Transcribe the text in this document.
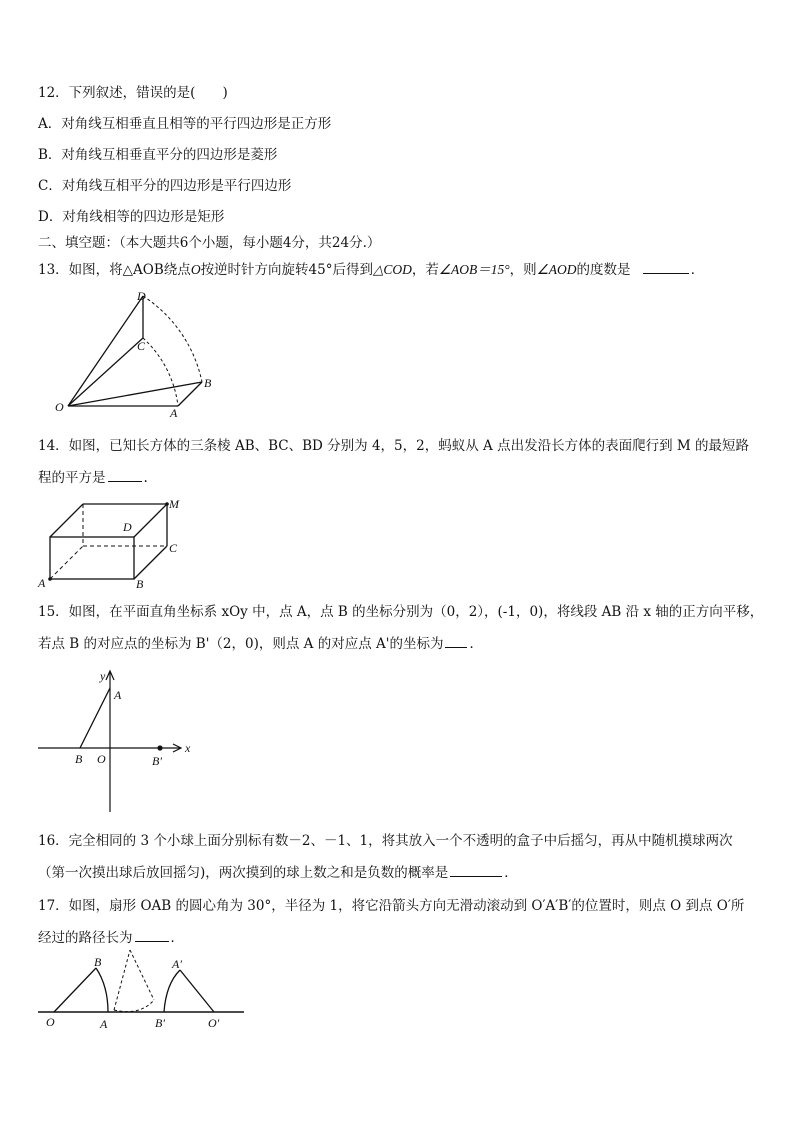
12．下列叙述，错误的是(　　)
A．对角线互相垂直且相等的平行四边形是正方形
B．对角线互相垂直平分的四边形是菱形
C．对角线互相平分的四边形是平行四边形
D．对角线相等的四边形是矩形
二、填空题：（本大题共6个小题，每小题4分，共24分.）
13．如图，将△AOB绕点O按逆时针方向旋转45°后得到△COD，若∠AOB＝15°，则∠AOD的度数是	．
D
C
B
O	A
14．如图，已知长方体的三条棱 AB、BC、BD 分别为 4，5，2，蚂蚁从 A 点出发沿长方体的表面爬行到 M 的最短路
程的平方是	.
M
D
C
A	B
15．如图，在平面直角坐标系 xOy 中，点 A，点 B 的坐标分别为（0，2），(-1，0)，将线段 AB 沿 x 轴的正方向平移，
若点 B 的对应点的坐标为 B'（2，0)，则点 A 的对应点 A'的坐标为 ．
y
x
A
B O	B′
16．完全相同的 3 个小球上面分别标有数－2、－1、1，将其放入一个不透明的盒子中后摇匀，再从中随机摸球两次
（第一次摸出球后放回摇匀)，两次摸到的球上数之和是负数的概率是	．
17．如图，扇形 OAB 的圆心角为 30°，半径为 1，将它沿箭头方向无滑动滚动到 O′A′B′的位置时，则点 O 到点 O′所
经过的路径长为	．
B	A′
O	A	B′	O′
